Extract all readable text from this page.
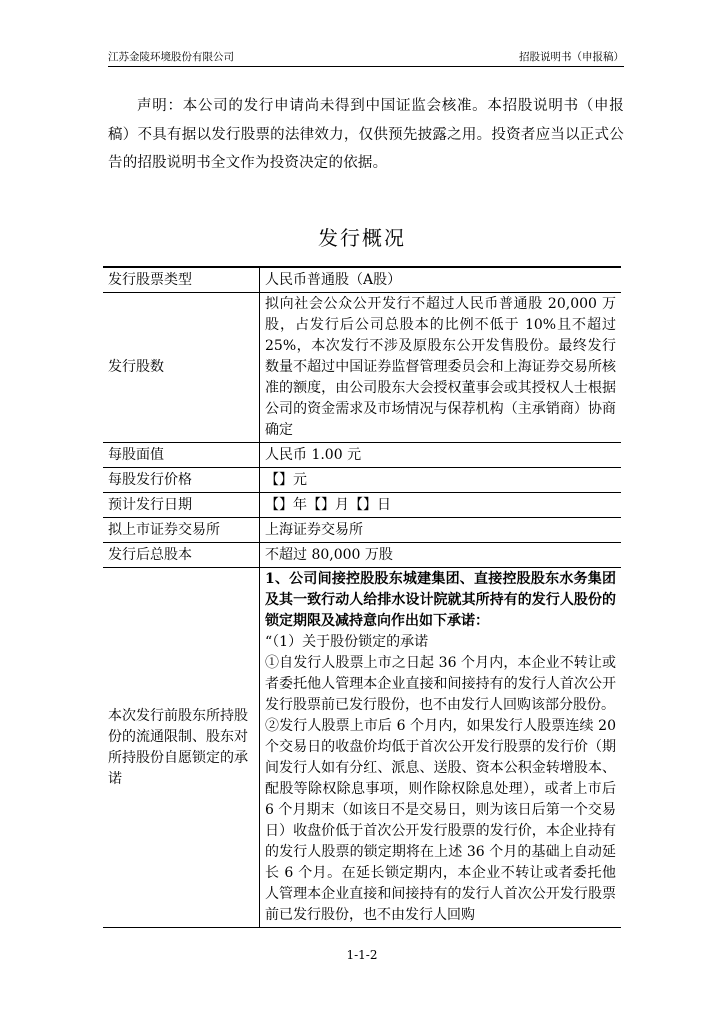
江苏金陵环境股份有限公司	招股说明书（申报稿）

声明：本公司的发行申请尚未得到中国证监会核准。本招股说明书（申报稿）不具有据以发行股票的法律效力，仅供预先披露之用。投资者应当以正式公告的招股说明书全文作为投资决定的依据。

发行概况
发行股票类型	人民币普通股（A股）
发行股数	拟向社会公众公开发行不超过人民币普通股 20,000 万股，占发行后公司总股本的比例不低于 10%且不超过 25%，本次发行不涉及原股东公开发售股份。最终发行数量不超过中国证券监督管理委员会和上海证券交易所核准的额度，由公司股东大会授权董事会或其授权人士根据公司的资金需求及市场情况与保荐机构（主承销商）协商确定
每股面值	人民币 1.00 元
每股发行价格	【】元
预计发行日期	【】年【】月【】日
拟上市证券交易所	上海证券交易所
发行后总股本	不超过 80,000 万股
本次发行前股东所持股份的流通限制、股东对所持股份自愿锁定的承诺	1、公司间接控股股东城建集团、直接控股股东水务集团及其一致行动人给排水设计院就其所持有的发行人股份的锁定期限及减持意向作出如下承诺：
“（1）关于股份锁定的承诺
①自发行人股票上市之日起 36 个月内，本企业不转让或者委托他人管理本企业直接和间接持有的发行人首次公开发行股票前已发行股份，也不由发行人回购该部分股份。
②发行人股票上市后 6 个月内，如果发行人股票连续 20 个交易日的收盘价均低于首次公开发行股票的发行价（期间发行人如有分红、派息、送股、资本公积金转增股本、配股等除权除息事项，则作除权除息处理），或者上市后 6 个月期末（如该日不是交易日，则为该日后第一个交易日）收盘价低于首次公开发行股票的发行价，本企业持有的发行人股票的锁定期将在上述 36 个月的基础上自动延长 6 个月。在延长锁定期内，本企业不转让或者委托他人管理本企业直接和间接持有的发行人首次公开发行股票前已发行股份，也不由发行人回购
1-1-2
